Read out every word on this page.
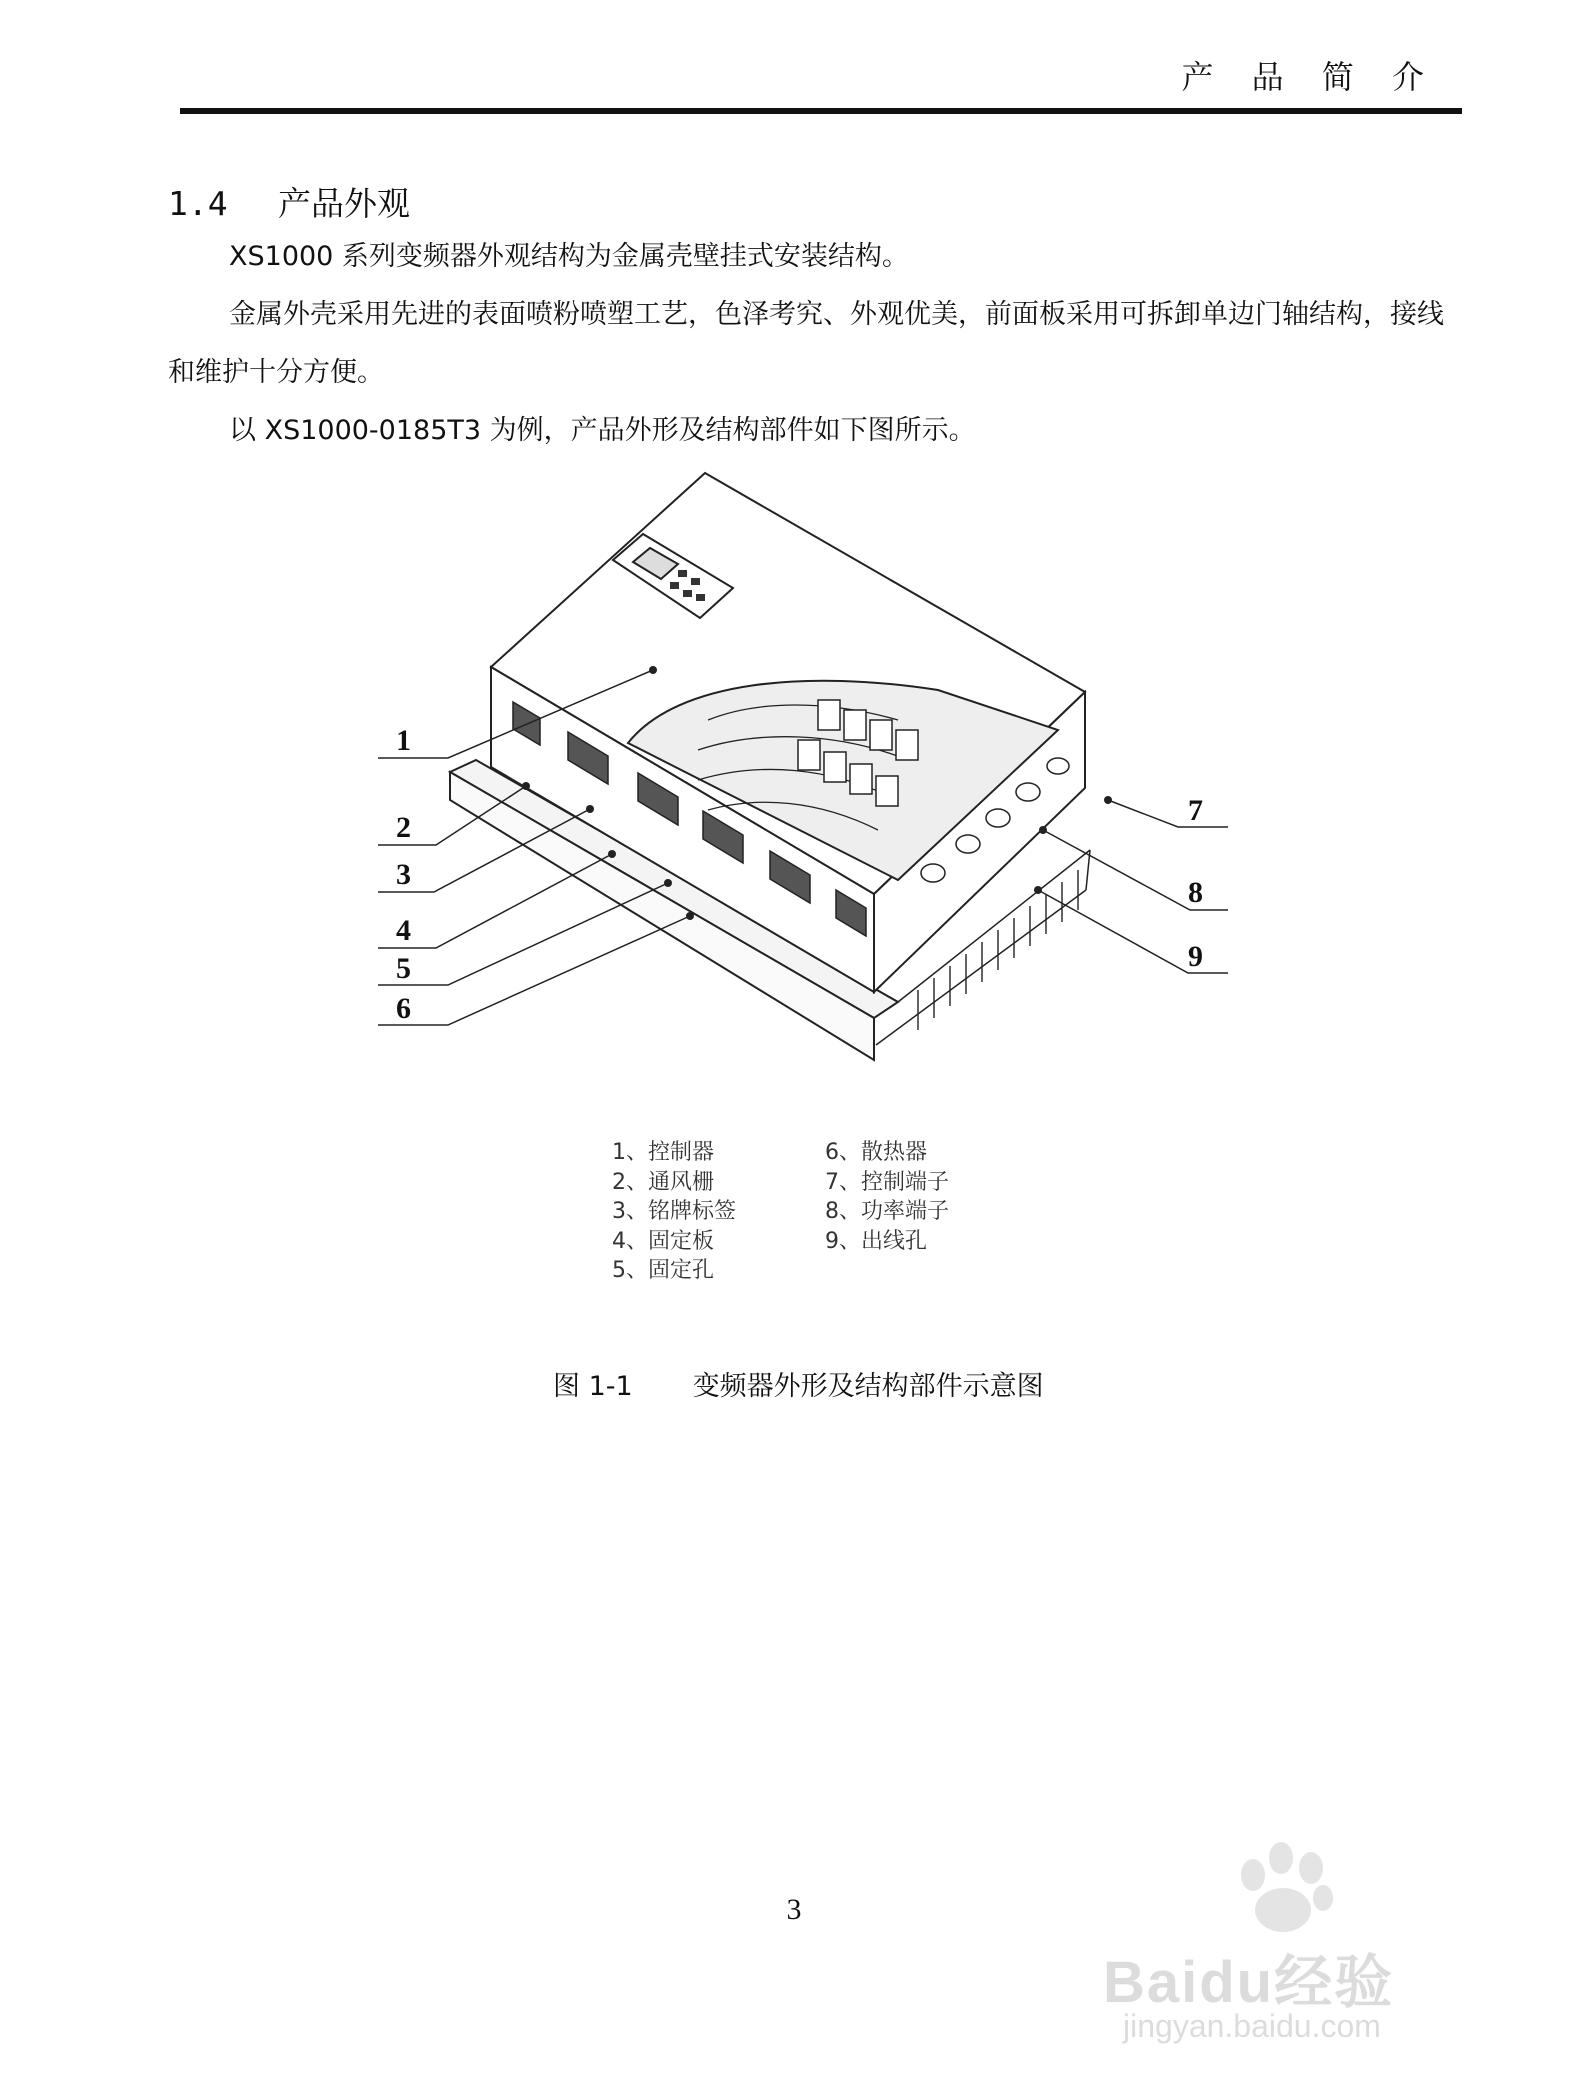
产 品 简 介
1.4 产品外观

XS1000 系列变频器外观结构为金属壳壁挂式安装结构。

金属外壳采用先进的表面喷粉喷塑工艺，色泽考究、外观优美，前面板采用可拆卸单边门轴结构，接线和维护十分方便。

以 XS1000-0185T3 为例，产品外形及结构部件如下图所示。

1
2
3
4
5
6
7
8
9
1、控制器
2、通风栅
3、铭牌标签
4、固定板
5、固定孔
6、散热器
7、控制端子
8、功率端子
9、出线孔
图 1-1 变频器外形及结构部件示意图
3
Baidu经验
jingyan.baidu.com
